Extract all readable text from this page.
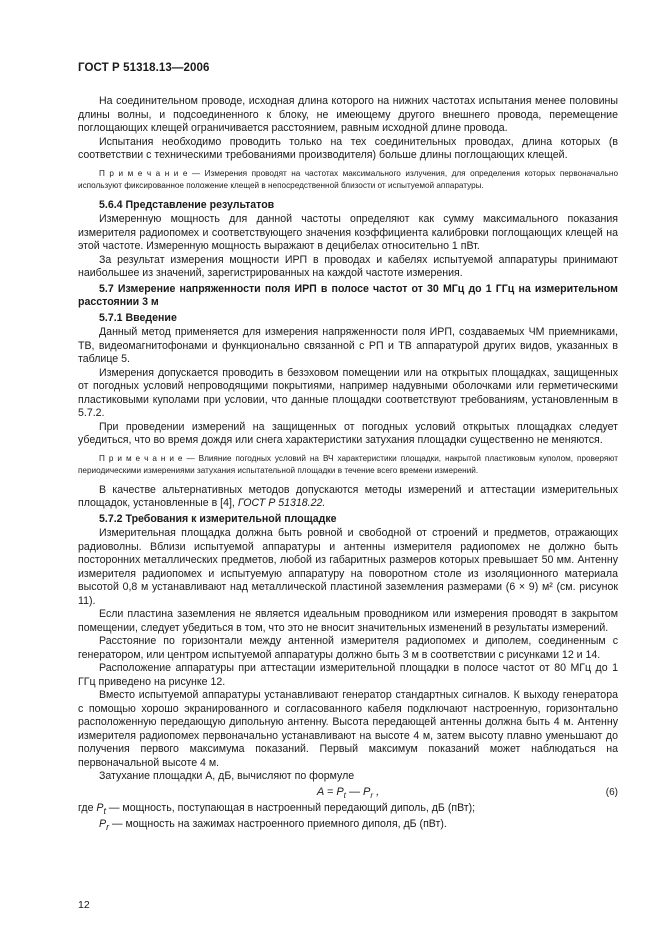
ГОСТ Р 51318.13—2006

На соединительном проводе, исходная длина которого на нижних частотах испытания менее половины длины волны, и подсоединенного к блоку, не имеющему другого внешнего провода, перемещение поглощающих клещей ограничивается расстоянием, равным исходной длине провода.

Испытания необходимо проводить только на тех соединительных проводах, длина которых (в соответствии с техническими требованиями производителя) больше длины поглощающих клещей.

П р и м е ч а н и е — Измерения проводят на частотах максимального излучения, для определения которых первоначально используют фиксированное положение клещей в непосредственной близости от испытуемой аппаратуры.

5.6.4 Представление результатов

Измеренную мощность для данной частоты определяют как сумму максимального показания измерителя радиопомех и соответствующего значения коэффициента калибровки поглощающих клещей на этой частоте. Измеренную мощность выражают в децибелах относительно 1 пВт.

За результат измерения мощности ИРП в проводах и кабелях испытуемой аппаратуры принимают наибольшее из значений, зарегистрированных на каждой частоте измерения.

5.7 Измерение напряженности поля ИРП в полосе частот от 30 МГц до 1 ГГц на измерительном расстоянии 3 м

5.7.1 Введение

Данный метод применяется для измерения напряженности поля ИРП, создаваемых ЧМ приемниками, ТВ, видеомагнитофонами и функционально связанной с РП и ТВ аппаратурой других видов, указанных в таблице 5.

Измерения допускается проводить в безэховом помещении или на открытых площадках, защищенных от погодных условий непроводящими покрытиями, например надувными оболочками или герметическими пластиковыми куполами при условии, что данные площадки соответствуют требованиям, установленным в 5.7.2.

При проведении измерений на защищенных от погодных условий открытых площадках следует убедиться, что во время дождя или снега характеристики затухания площадки существенно не меняются.

П р и м е ч а н и е — Влияние погодных условий на ВЧ характеристики площадки, накрытой пластиковым куполом, проверяют периодическими измерениями затухания испытательной площадки в течение всего времени измерений.

В качестве альтернативных методов допускаются методы измерений и аттестации измерительных площадок, установленные в [4], ГОСТ Р 51318.22.

5.7.2 Требования к измерительной площадке

Измерительная площадка должна быть ровной и свободной от строений и предметов, отражающих радиоволны. Вблизи испытуемой аппаратуры и антенны измерителя радиопомех не должно быть посторонних металлических предметов, любой из габаритных размеров которых превышает 50 мм. Антенну измерителя радиопомех и испытуемую аппаратуру на поворотном столе из изоляционного материала высотой 0,8 м устанавливают над металлической пластиной заземления размерами (6 × 9) м² (см. рисунок 11).

Если пластина заземления не является идеальным проводником или измерения проводят в закрытом помещении, следует убедиться в том, что это не вносит значительных изменений в результаты измерений.

Расстояние по горизонтали между антенной измерителя радиопомех и диполем, соединенным с генератором, или центром испытуемой аппаратуры должно быть 3 м в соответствии с рисунками 12 и 14.

Расположение аппаратуры при аттестации измерительной площадки в полосе частот от 80 МГц до 1 ГГц приведено на рисунке 12.

Вместо испытуемой аппаратуры устанавливают генератор стандартных сигналов. К выходу генератора с помощью хорошо экранированного и согласованного кабеля подключают настроенную, горизонтально расположенную передающую дипольную антенну. Высота передающей антенны должна быть 4 м. Антенну измерителя радиопомех первоначально устанавливают на высоте 4 м, затем высоту плавно уменьшают до получения первого максимума показаний. Первый максимум показаний может наблюдаться на первоначальной высоте 4 м.

Затухание площадки A, дБ, вычисляют по формуле

$A = P_t$ — $P_r$ ,	(6)

где $P_t$ — мощность, поступающая в настроенный передающий диполь, дБ (пВт);

$P_r$ — мощность на зажимах настроенного приемного диполя, дБ (пВт).

12
